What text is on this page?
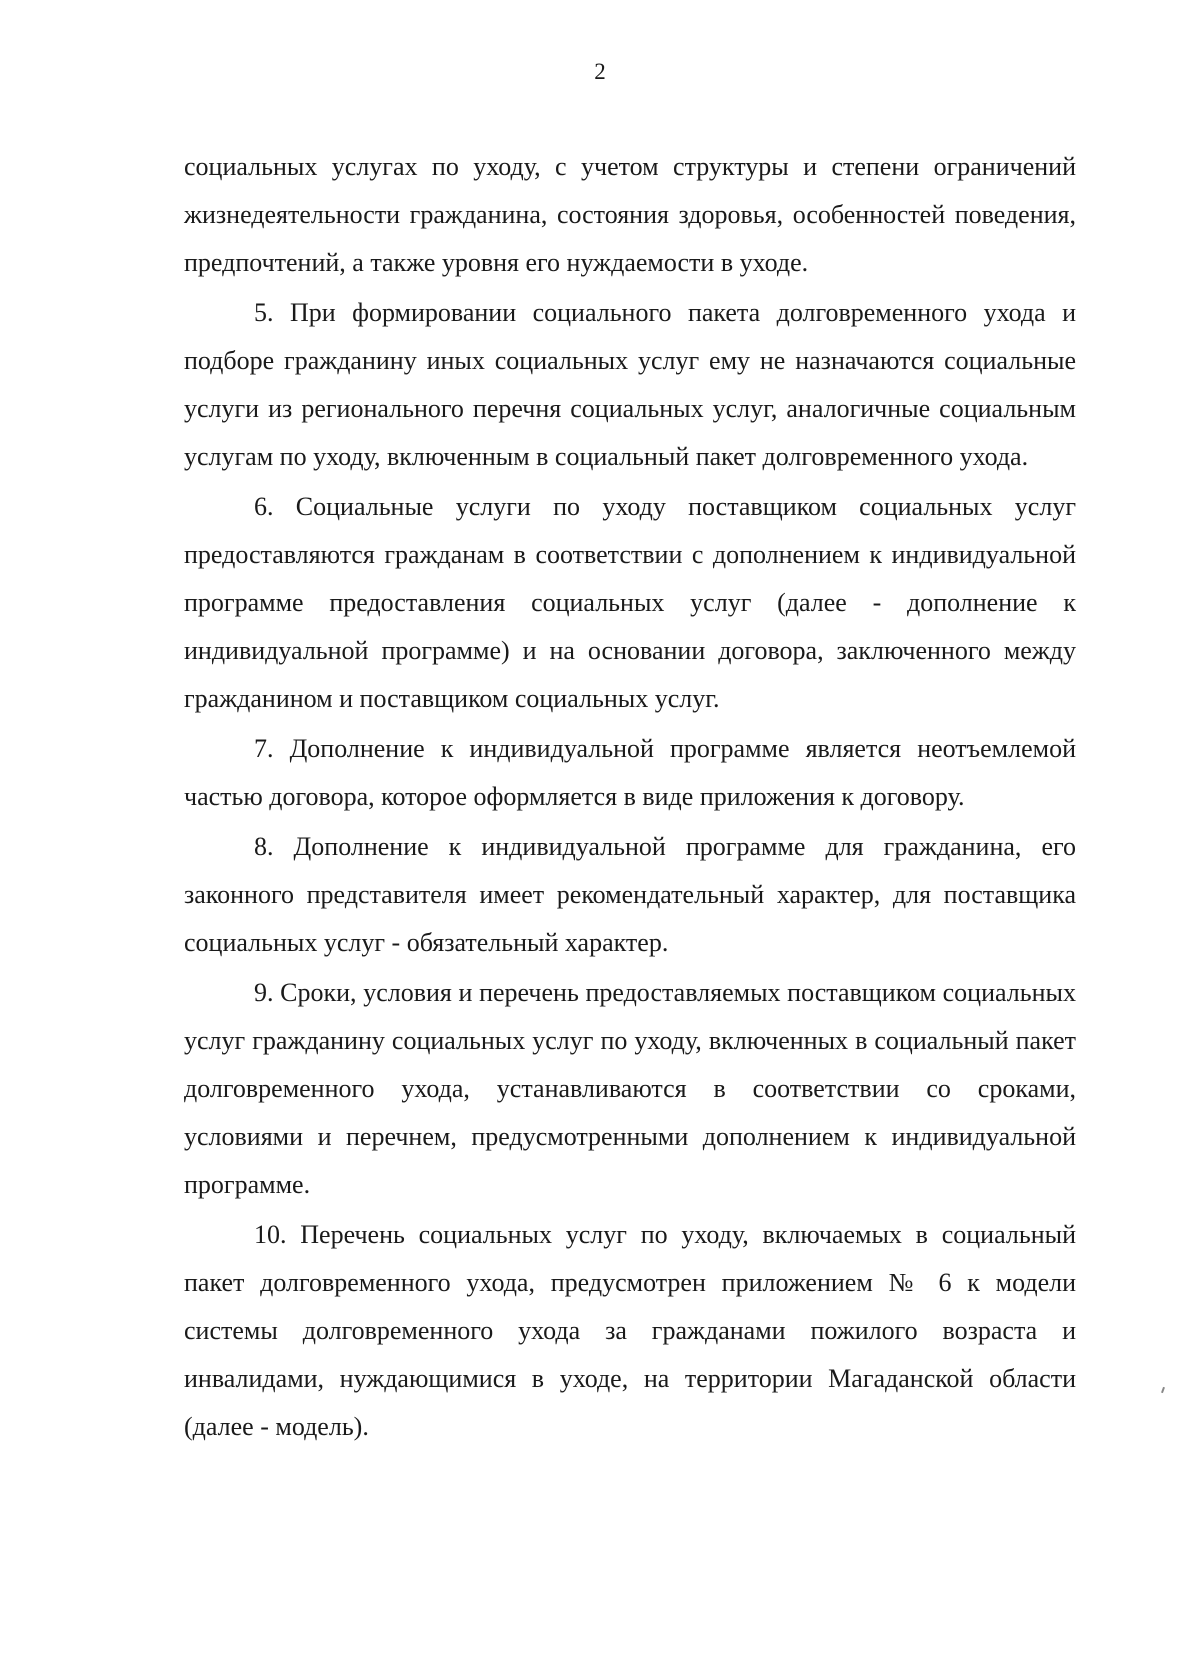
2

социальных услугах по уходу, с учетом структуры и степени ограничений жизнедеятельности гражданина, состояния здоровья, особенностей поведения, предпочтений, а также уровня его нуждаемости в уходе.

5. При формировании социального пакета долговременного ухода и подборе гражданину иных социальных услуг ему не назначаются социальные услуги из регионального перечня социальных услуг, аналогичные социальным услугам по уходу, включенным в социальный пакет долговременного ухода.

6. Социальные услуги по уходу поставщиком социальных услуг предоставляются гражданам в соответствии с дополнением к индивидуальной программе предоставления социальных услуг (далее - дополнение к индивидуальной программе) и на основании договора, заключенного между гражданином и поставщиком социальных услуг.

7. Дополнение к индивидуальной программе является неотъемлемой частью договора, которое оформляется в виде приложения к договору.

8. Дополнение к индивидуальной программе для гражданина, его законного представителя имеет рекомендательный характер, для поставщика социальных услуг - обязательный характер.

9. Сроки, условия и перечень предоставляемых поставщиком социальных услуг гражданину социальных услуг по уходу, включенных в социальный пакет долговременного ухода, устанавливаются в соответствии со сроками, условиями и перечнем, предусмотренными дополнением к индивидуальной программе.

10. Перечень социальных услуг по уходу, включаемых в социальный пакет долговременного ухода, предусмотрен приложением № 6 к модели системы долговременного ухода за гражданами пожилого возраста и инвалидами, нуждающимися в уходе, на территории Магаданской области (далее - модель).
